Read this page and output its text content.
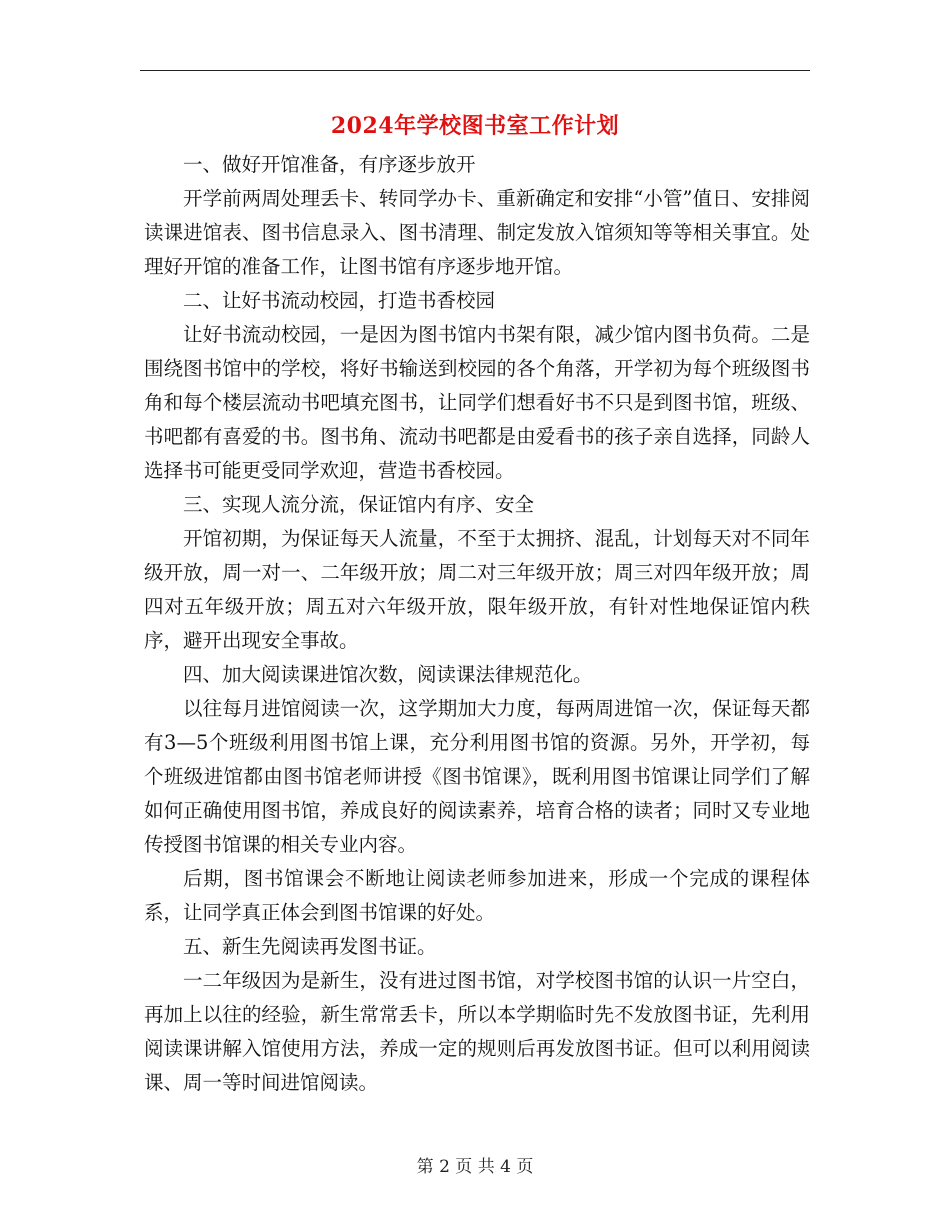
2024年学校图书室工作计划

一、做好开馆准备，有序逐步放开

开学前两周处理丢卡、转同学办卡、重新确定和安排“小管”值日、安排阅读课进馆表、图书信息录入、图书清理、制定发放入馆须知等等相关事宜。处理好开馆的准备工作，让图书馆有序逐步地开馆。

二、让好书流动校园，打造书香校园

让好书流动校园，一是因为图书馆内书架有限，减少馆内图书负荷。二是围绕图书馆中的学校，将好书输送到校园的各个角落，开学初为每个班级图书角和每个楼层流动书吧填充图书，让同学们想看好书不只是到图书馆，班级、书吧都有喜爱的书。图书角、流动书吧都是由爱看书的孩子亲自选择，同龄人选择书可能更受同学欢迎，营造书香校园。

三、实现人流分流，保证馆内有序、安全

开馆初期，为保证每天人流量，不至于太拥挤、混乱，计划每天对不同年级开放，周一对一、二年级开放；周二对三年级开放；周三对四年级开放；周四对五年级开放；周五对六年级开放，限年级开放，有针对性地保证馆内秩序，避开出现安全事故。

四、加大阅读课进馆次数，阅读课法律规范化。

以往每月进馆阅读一次，这学期加大力度，每两周进馆一次，保证每天都有3—5个班级利用图书馆上课，充分利用图书馆的资源。另外，开学初，每个班级进馆都由图书馆老师讲授《图书馆课》，既利用图书馆课让同学们了解如何正确使用图书馆，养成良好的阅读素养，培育合格的读者；同时又专业地传授图书馆课的相关专业内容。

后期，图书馆课会不断地让阅读老师参加进来，形成一个完成的课程体系，让同学真正体会到图书馆课的好处。

五、新生先阅读再发图书证。

一二年级因为是新生，没有进过图书馆，对学校图书馆的认识一片空白，再加上以往的经验，新生常常丢卡，所以本学期临时先不发放图书证，先利用阅读课讲解入馆使用方法，养成一定的规则后再发放图书证。但可以利用阅读课、周一等时间进馆阅读。

第 2 页 共 4 页
